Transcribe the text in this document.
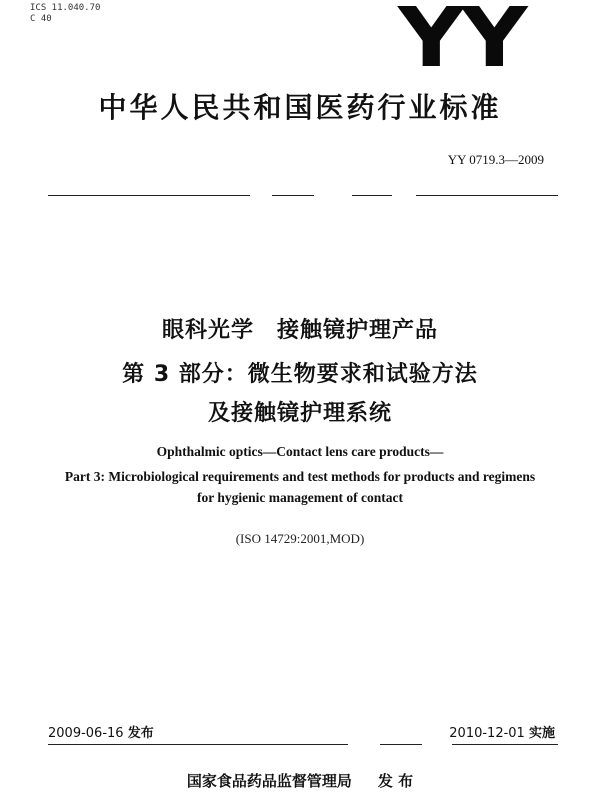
ICS 11.040.70
C 40	YY
中华人民共和国医药行业标准
YY 0719.3—2009
眼科光学　接触镜护理产品
第 3 部分：微生物要求和试验方法
及接触镜护理系统
Ophthalmic optics—Contact lens care products—
Part 3: Microbiological requirements and test methods for products and regimens
for hygienic management of contact
(ISO 14729:2001,MOD)
2009-06-16 发布	2010-12-01 实施
国家食品药品监督管理局 发 布
